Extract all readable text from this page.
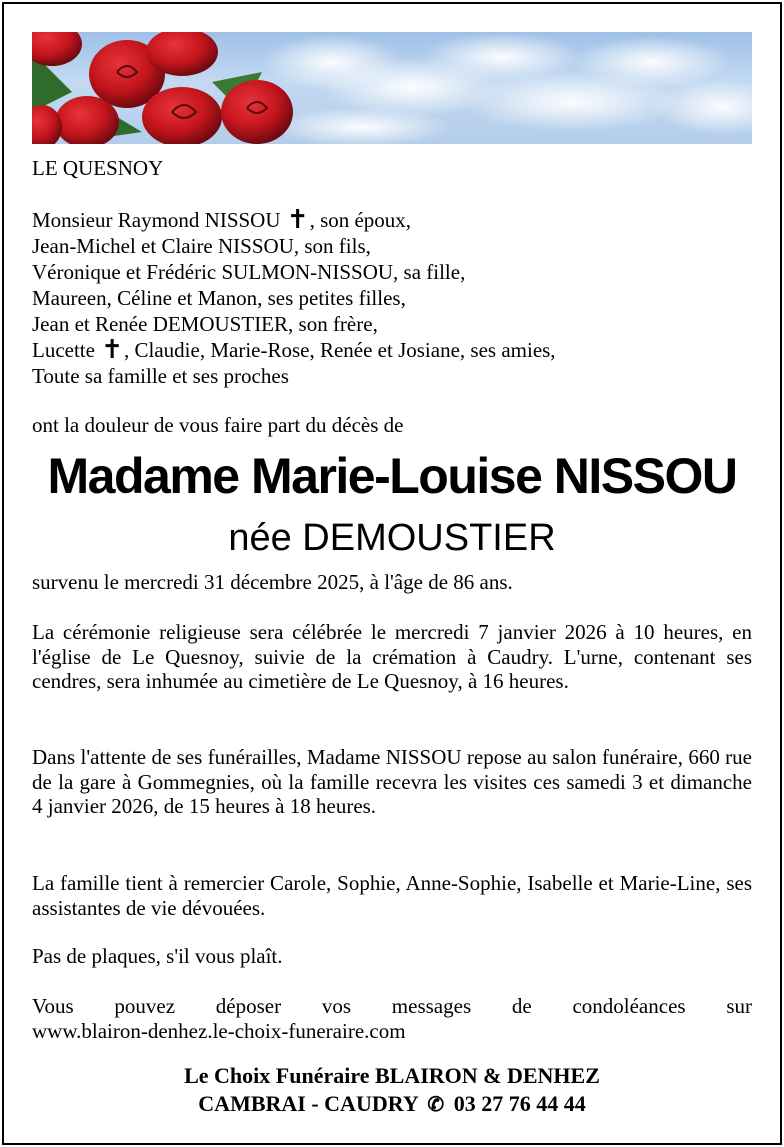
LE QUESNOY
Monsieur Raymond NISSOU ✝, son époux,
Jean-Michel et Claire NISSOU, son fils,
Véronique et Frédéric SULMON-NISSOU, sa fille,
Maureen, Céline et Manon, ses petites filles,
Jean et Renée DEMOUSTIER, son frère,
Lucette ✝, Claudie, Marie-Rose, Renée et Josiane, ses amies,
Toute sa famille et ses proches
ont la douleur de vous faire part du décès de
Madame Marie-Louise NISSOU
née DEMOUSTIER
survenu le mercredi 31 décembre 2025, à l'âge de 86 ans.
La cérémonie religieuse sera célébrée le mercredi 7 janvier 2026 à 10 heures, en l'église de Le Quesnoy, suivie de la crémation à Caudry. L'urne, contenant ses cendres, sera inhumée au cimetière de Le Quesnoy, à 16 heures.
Dans l'attente de ses funérailles, Madame NISSOU repose au salon funéraire, 660 rue de la gare à Gommegnies, où la famille recevra les visites ces samedi 3 et dimanche 4 janvier 2026, de 15 heures à 18 heures.
La famille tient à remercier Carole, Sophie, Anne-Sophie, Isabelle et Marie-Line, ses assistantes de vie dévouées.
Pas de plaques, s'il vous plaît.
Vous pouvez déposer vos messages de condoléances sur
www.blairon-denhez.le-choix-funeraire.com
Le Choix Funéraire BLAIRON & DENHEZ
CAMBRAI - CAUDRY ✆ 03 27 76 44 44
